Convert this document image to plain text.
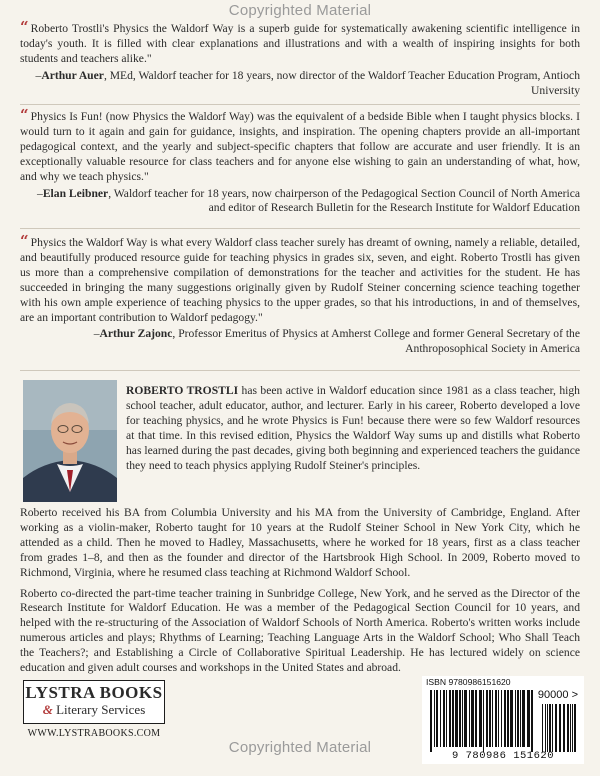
Copyrighted Material
“ Roberto Trostli's Physics the Waldorf Way is a superb guide for systematically awakening scientific intelligence in today's youth. It is filled with clear explanations and illustrations and with a wealth of inspiring insights for both students and teachers alike."
–Arthur Auer, MEd, Waldorf teacher for 18 years, now director of the Waldorf Teacher Education Program, Antioch University
“ Physics Is Fun! (now Physics the Waldorf Way) was the equivalent of a bedside Bible when I taught physics blocks. I would turn to it again and gain for guidance, insights, and inspiration. The opening chapters provide an all-important pedagogical context, and the yearly and subject-specific chapters that follow are accurate and user friendly. It is an exceptionally valuable resource for class teachers and for anyone else wishing to gain an understanding of what, how, and why we teach physics."
–Elan Leibner, Waldorf teacher for 18 years, now chairperson of the Pedagogical Section Council of North America and editor of Research Bulletin for the Research Institute for Waldorf Education
“ Physics the Waldorf Way is what every Waldorf class teacher surely has dreamt of owning, namely a reliable, detailed, and beautifully produced resource guide for teaching physics in grades six, seven, and eight. Roberto Trostli has given us more than a comprehensive compilation of demonstrations for the teacher and activities for the student. He has succeeded in bringing the many suggestions originally given by Rudolf Steiner concerning science teaching together with his own ample experience of teaching physics to the upper grades, so that his introductions, in and of themselves, are an important contribution to Waldorf pedagogy."
–Arthur Zajonc, Professor Emeritus of Physics at Amherst College and former General Secretary of the Anthroposophical Society in America

ROBERTO TROSTLI has been active in Waldorf education since 1981 as a class teacher, high school teacher, adult educator, author, and lecturer. Early in his career, Roberto developed a love for teaching physics, and he wrote Physics is Fun! because there were so few Waldorf resources at that time. In this revised edition, Physics the Waldorf Way sums up and distills what Roberto has learned during the past decades, giving both beginning and experienced teachers the guidance they need to teach physics applying Rudolf Steiner's principles.

Roberto received his BA from Columbia University and his MA from the University of Cambridge, England. After working as a violin-maker, Roberto taught for 10 years at the Rudolf Steiner School in New York City, which he attended as a child. Then he moved to Hadley, Massachusetts, where he worked for 18 years, first as a class teacher from grades 1–8, and then as the founder and director of the Hartsbrook High School. In 2009, Roberto moved to Richmond, Virginia, where he resumed class teaching at Richmond Waldorf School.

Roberto co-directed the part-time teacher training in Sunbridge College, New York, and he served as the Director of the Research Institute for Waldorf Education. He was a member of the Pedagogical Section Council for 10 years, and helped with the re-structuring of the Association of Waldorf Schools of North America. Roberto's written works include numerous articles and plays; Rhythms of Learning; Teaching Language Arts in the Waldorf School; Who Shall Teach the Teachers?; and Establishing a Circle of Collaborative Spiritual Leadership. He has lectured widely on science education and given adult courses and workshops in the United States and abroad.

LYSTRA BOOKS
& Literary Services
WWW.LYSTRABOOKS.COM
ISBN 9780986151620
90000 >
9 780986 151620
Copyrighted Material
